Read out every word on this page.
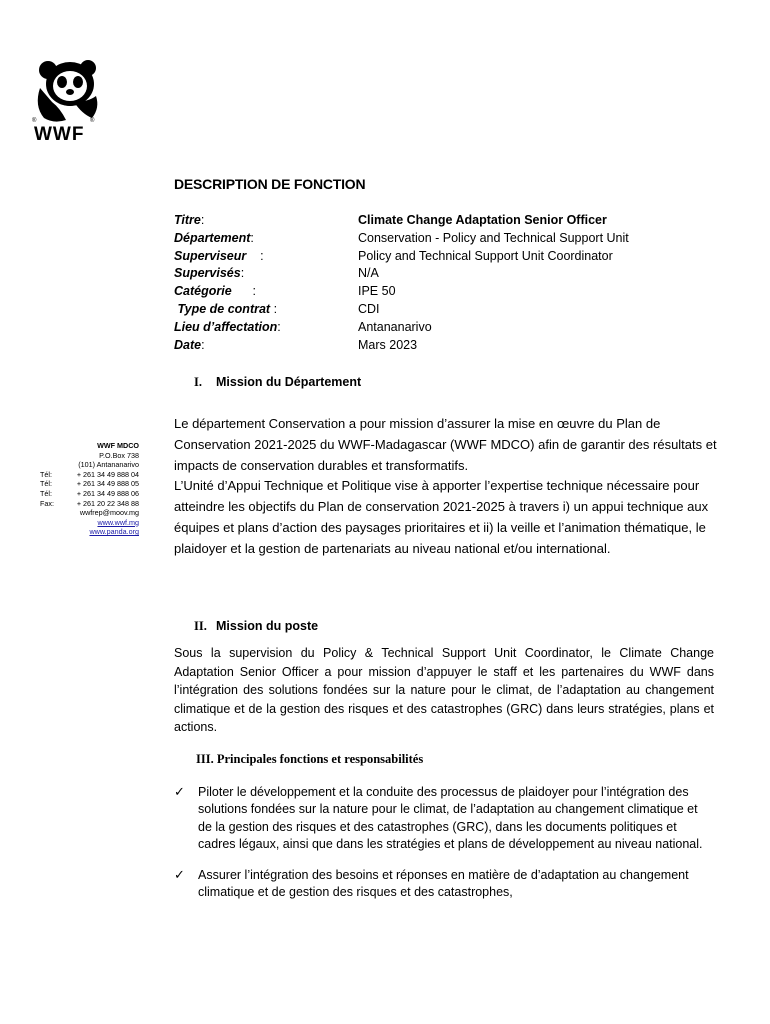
®	®
WWF
DESCRIPTION DE FONCTION
Titre:	Climate Change Adaptation Senior Officer
Département:	Conservation - Policy and Technical Support Unit
Superviseur    :	Policy and Technical Support Unit Coordinator
Supervisés:	N/A
Catégorie      :	IPE 50
Type de contrat :	CDI
Lieu d’affectation:	Antananarivo
Date:	Mars 2023
I. Mission du Département

Le département Conservation a pour mission d’assurer la mise en œuvre du Plan de Conservation 2021-2025 du WWF-Madagascar (WWF MDCO) afin de garantir des résultats et impacts de conservation durables et transformatifs.

L’Unité d’Appui Technique et Politique vise à apporter l’expertise technique nécessaire pour atteindre les objectifs du Plan de conservation 2021-2025 à travers i) un appui technique aux équipes et plans d’action des paysages prioritaires et ii) la veille et l’animation thématique, le plaidoyer et la gestion de partenariats au niveau national et/ou international.

WWF MDCO
P.O.Box 738
(101) Antananarivo
Tél:	+ 261 34 49 888 04
Tél:	+ 261 34 49 888 05
Tél:	+ 261 34 49 888 06
Fax:	+ 261 20 22 348 88
wwfrep@moov.mg
www.wwf.mg
www.panda.org
II. Mission du poste
Sous la supervision du Policy & Technical Support Unit Coordinator, le Climate Change Adaptation Senior Officer a pour mission d’appuyer le staff et les partenaires du WWF dans l’intégration des solutions fondées sur la nature pour le climat, de l’adaptation au changement climatique et de la gestion des risques et des catastrophes (GRC) dans leurs stratégies, plans et actions.
III. Principales fonctions et responsabilités
✓	Piloter le développement et la conduite des processus de plaidoyer pour l’intégration des solutions fondées sur la nature pour le climat, de l’adaptation au changement climatique et de la gestion des risques et des catastrophes (GRC), dans les documents politiques et cadres légaux, ainsi que dans les stratégies et plans de développement au niveau national.
✓	Assurer l’intégration des besoins et réponses en matière de d’adaptation au changement climatique et de gestion des risques et des catastrophes,
